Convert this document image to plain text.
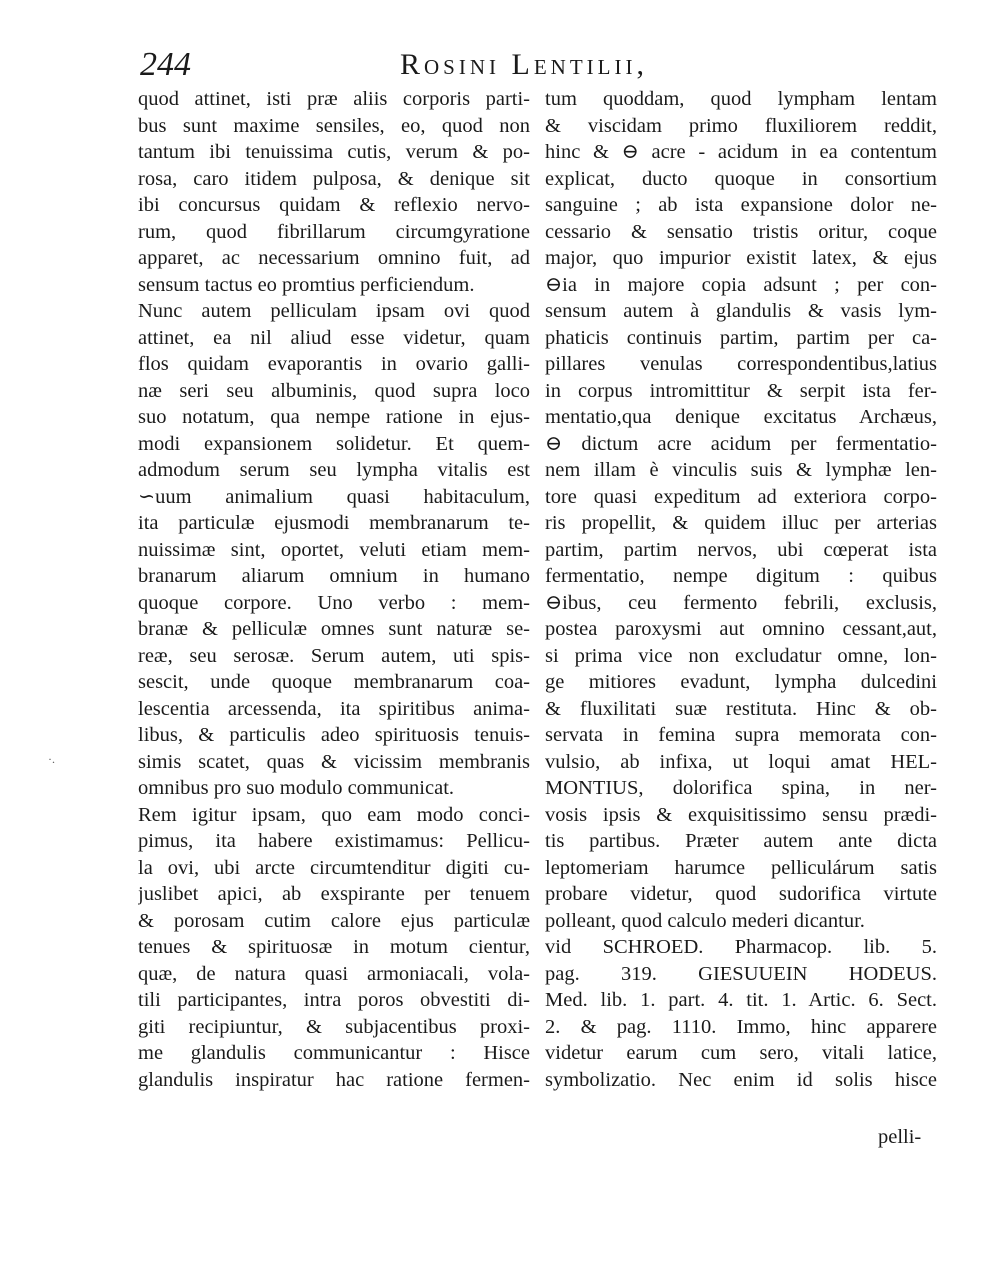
244	Rosini Lentilii,
·.
quod attinet, isti præ aliis corporis parti-
bus sunt maxime sensiles, eo, quod non
tantum ibi tenuissima cutis, verum & po-
rosa, caro itidem pulposa, & denique sit
ibi concursus quidam & reflexio nervo-
rum, quod fibrillarum circumgyratione
apparet, ac necessarium omnino fuit, ad
sensum tactus eo promtius perficiendum.
Nunc autem pelliculam ipsam ovi quod
attinet, ea nil aliud esse videtur, quam
flos quidam evaporantis in ovario galli-
næ seri seu albuminis, quod supra loco
suo notatum, qua nempe ratione in ejus-
modi expansionem solidetur. Et quem-
admodum serum seu lympha vitalis est
∽uum animalium quasi habitaculum,
ita particulæ ejusmodi membranarum te-
nuissimæ sint, oportet, veluti etiam mem-
branarum aliarum omnium in humano
quoque corpore. Uno verbo : mem-
branæ & pelliculæ omnes sunt naturæ se-
reæ, seu serosæ. Serum autem, uti spis-
sescit, unde quoque membranarum coa-
lescentia arcessenda, ita spiritibus anima-
libus, & particulis adeo spirituosis tenuis-
simis scatet, quas & vicissim membranis
omnibus pro suo modulo communicat.
Rem igitur ipsam, quo eam modo conci-
pimus, ita habere existimamus: Pellicu-
la ovi, ubi arcte circumtenditur digiti cu-
juslibet apici, ab exspirante per tenuem
& porosam cutim calore ejus particulæ
tenues & spirituosæ in motum cientur,
quæ, de natura quasi armoniacali, vola-
tili participantes, intra poros obvestiti di-
giti recipiuntur, & subjacentibus proxi-
me glandulis communicantur : Hisce
glandulis inspiratur hac ratione fermen-
tum quoddam, quod lympham lentam
& viscidam primo fluxiliorem reddit,
hinc & ⊖ acre - acidum in ea contentum
explicat, ducto quoque in consortium
sanguine ; ab ista expansione dolor ne-
cessario & sensatio tristis oritur, coque
major, quo impurior existit latex, & ejus
⊖ia in majore copia adsunt ; per con-
sensum autem à glandulis & vasis lym-
phaticis continuis partim, partim per ca-
pillares venulas correspondentibus,latius
in corpus intromittitur & serpit ista fer-
mentatio,qua denique excitatus Archæus,
⊖ dictum acre acidum per fermentatio-
nem illam è vinculis suis & lymphæ len-
tore quasi expeditum ad exteriora corpo-
ris propellit, & quidem illuc per arterias
partim, partim nervos, ubi cœperat ista
fermentatio, nempe digitum : quibus
⊖ibus, ceu fermento febrili, exclusis,
postea paroxysmi aut omnino cessant,aut,
si prima vice non excludatur omne, lon-
ge mitiores evadunt, lympha dulcedini
& fluxilitati suæ restituta. Hinc & ob-
servata in femina supra memorata con-
vulsio, ab infixa, ut loqui amat HEL-
MONTIUS, dolorifica spina, in ner-
vosis ipsis & exquisitissimo sensu prædi-
tis partibus. Præter autem ante dicta
leptomeriam harumce pelliculárum satis
probare videtur, quod sudorifica virtute
polleant, quod calculo mederi dicantur.
vid SCHROED. Pharmacop. lib. 5.
pag. 319. GIESUUEIN HODEUS.
Med. lib. 1. part. 4. tit. 1. Artic. 6. Sect.
2. & pag. 1110. Immo, hinc apparere
videtur earum cum sero, vitali latice,
symbolizatio. Nec enim id solis hisce
pelli-
